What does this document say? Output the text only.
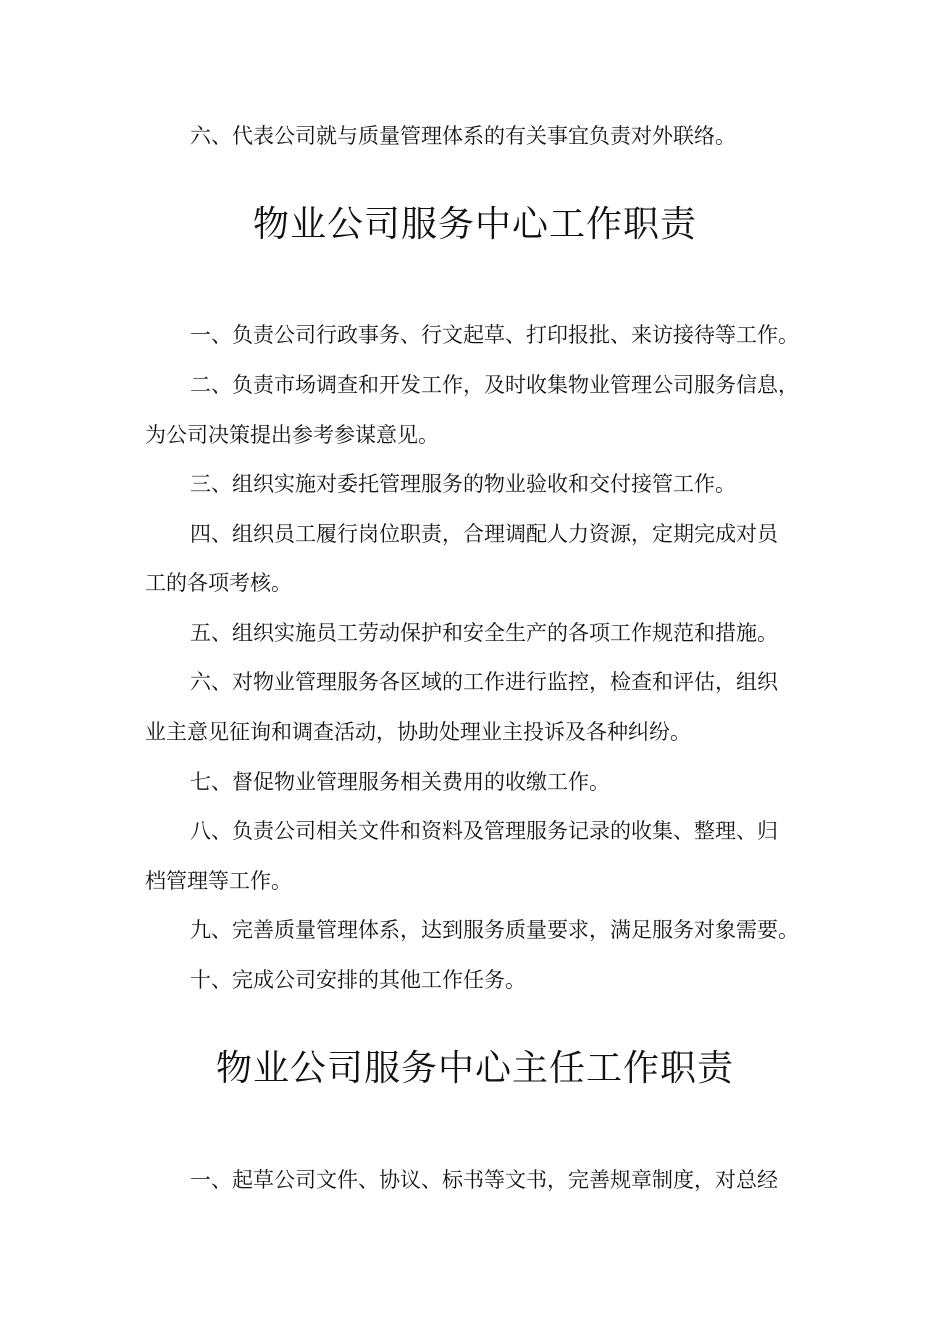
六、代表公司就与质量管理体系的有关事宜负责对外联络。
物业公司服务中心工作职责
一、负责公司行政事务、行文起草、打印报批、来访接待等工作。
二、负责市场调查和开发工作，及时收集物业管理公司服务信息，
为公司决策提出参考参谋意见。
三、组织实施对委托管理服务的物业验收和交付接管工作。
四、组织员工履行岗位职责，合理调配人力资源，定期完成对员
工的各项考核。
五、组织实施员工劳动保护和安全生产的各项工作规范和措施。
六、对物业管理服务各区域的工作进行监控，检查和评估，组织
业主意见征询和调查活动，协助处理业主投诉及各种纠纷。
七、督促物业管理服务相关费用的收缴工作。
八、负责公司相关文件和资料及管理服务记录的收集、整理、归
档管理等工作。
九、完善质量管理体系，达到服务质量要求，满足服务对象需要。
十、完成公司安排的其他工作任务。
物业公司服务中心主任工作职责
一、起草公司文件、协议、标书等文书，完善规章制度，对总经
